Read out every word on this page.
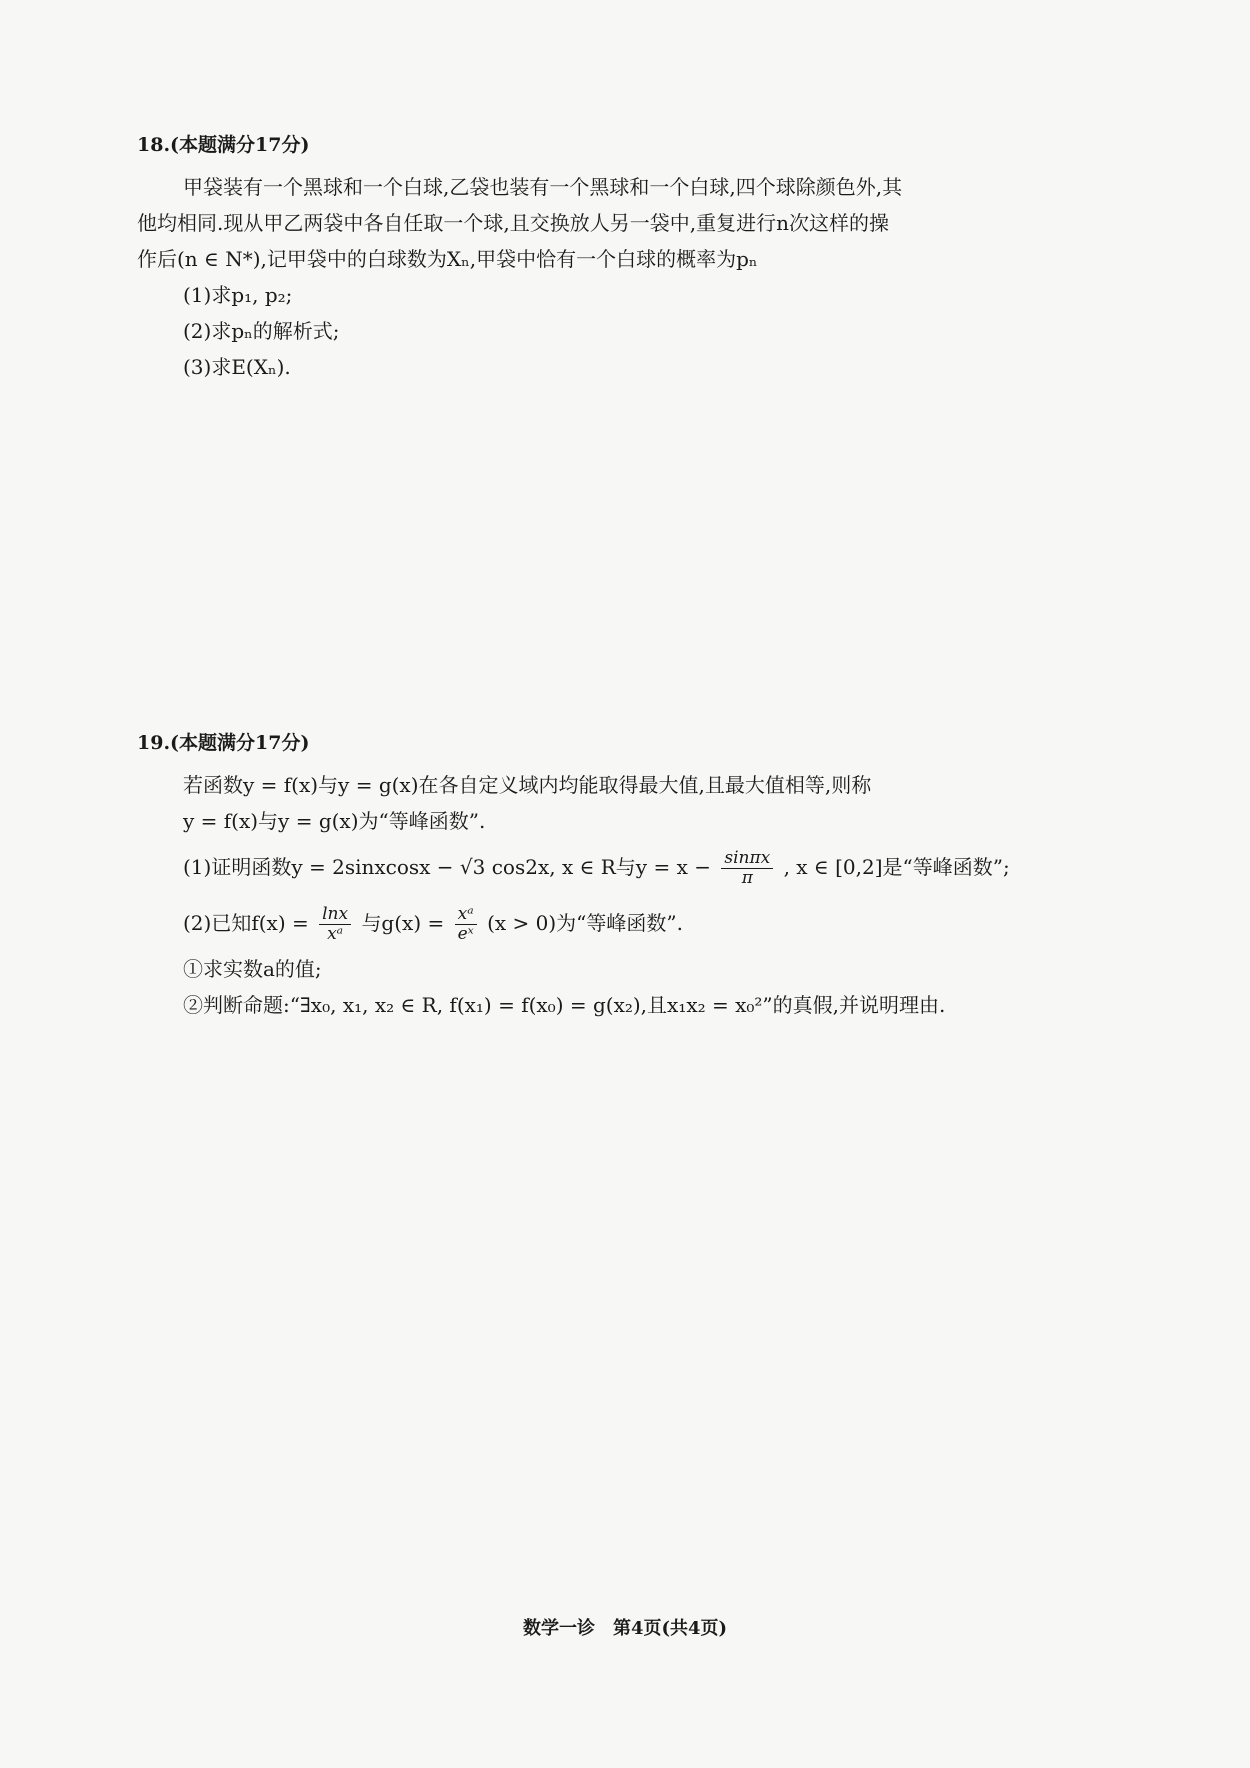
18.(本题满分17分)
甲袋装有一个黑球和一个白球,乙袋也装有一个黑球和一个白球,四个球除颜色外,其
他均相同.现从甲乙两袋中各自任取一个球,且交换放人另一袋中,重复进行n次这样的操
作后(n ∈ N*),记甲袋中的白球数为Xₙ,甲袋中恰有一个白球的概率为pₙ
(1)求p₁, p₂;
(2)求pₙ的解析式;
(3)求E(Xₙ).
19.(本题满分17分)
若函数y = f(x)与y = g(x)在各自定义域内均能取得最大值,且最大值相等,则称
y = f(x)与y = g(x)为“等峰函数”.
(1)证明函数y = 2sinxcosx − √3 cos2x, x ∈ R与$y = x - \frac{\sin\pi x}{\pi}$ , x ∈ [0,2]是“等峰函数”;
(2)已知$f(x) = \frac{\ln x}{\text{xᵃ}}$ 与$g(x) = \frac{\text{xᵃ}}{\text{eˣ}} (x > 0)$为“等峰函数”.
①求实数a的值;
②判断命题:“∃x₀, x₁, x₂ ∈ R, f(x₁) = f(x₀) = g(x₂),且x₁x₂ = x₀²”的真假,并说明理由.
数学一诊　第4页(共4页)
